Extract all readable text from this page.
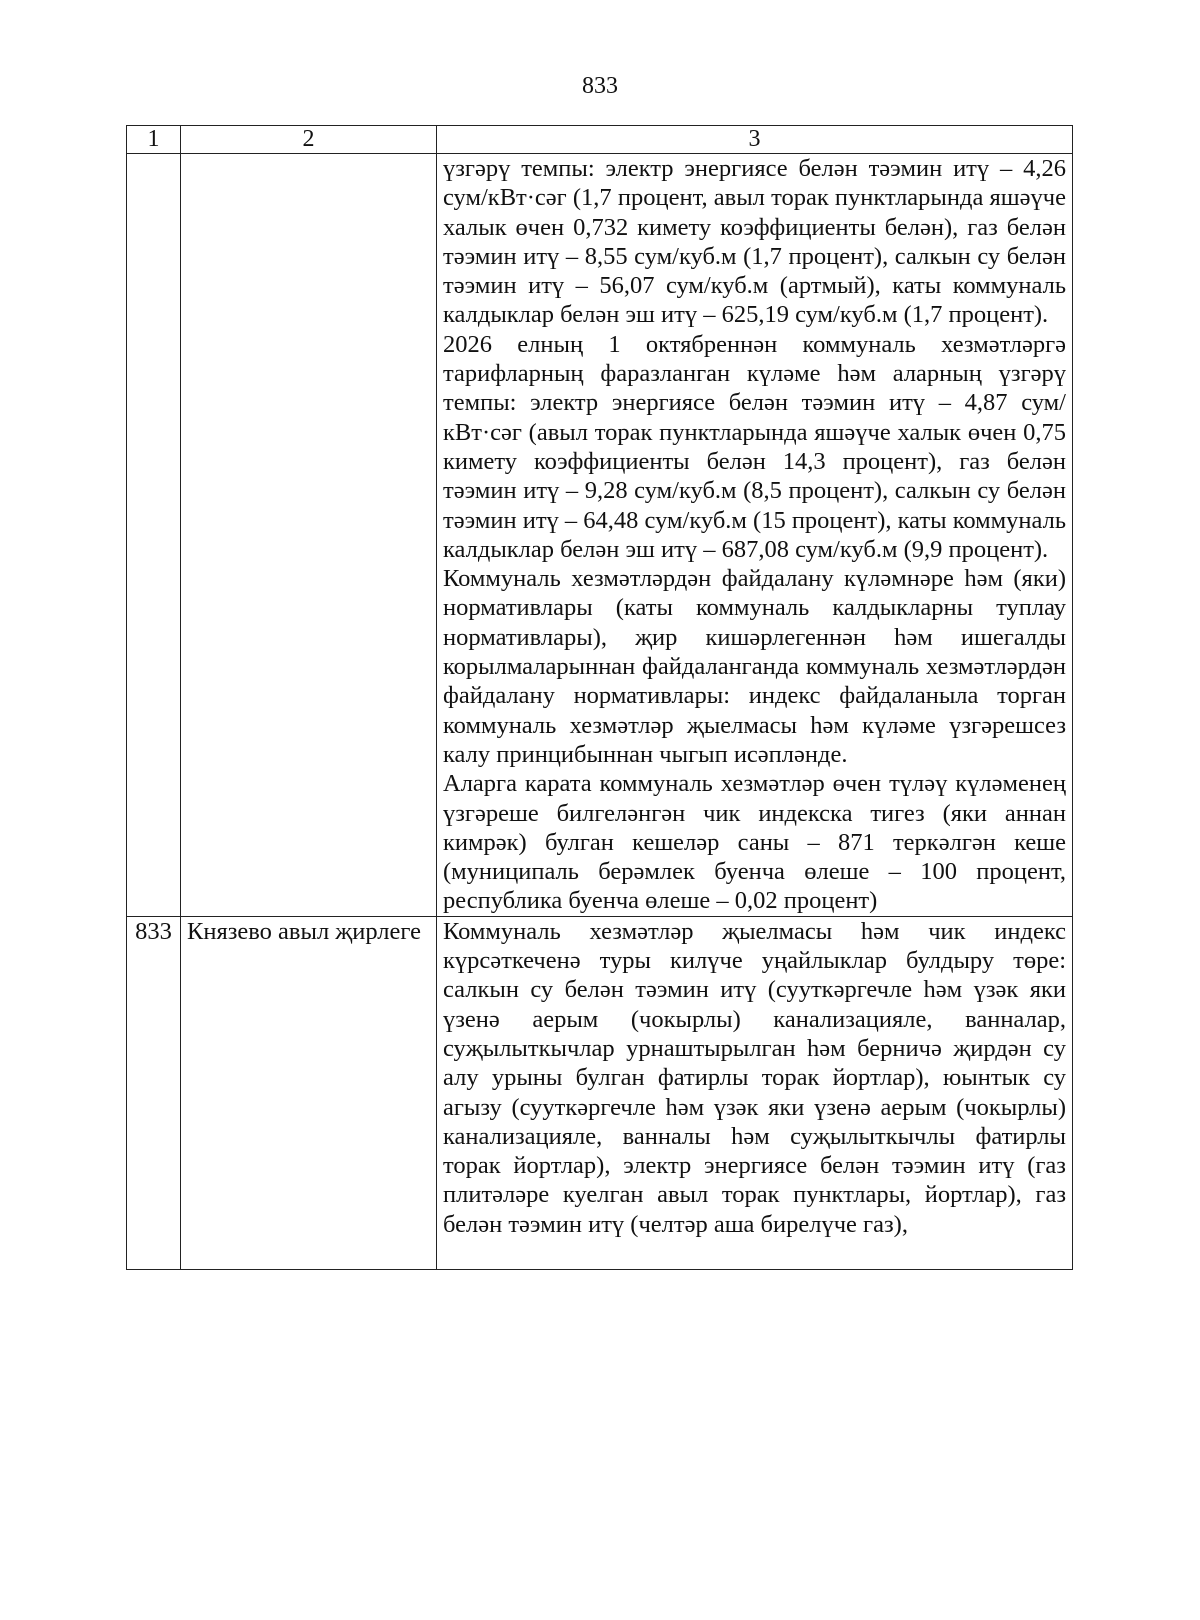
833
1	2	3

		үзгәрү темпы: электр энергиясе белән тәэмин итү – 4,26 сум/кВт·сәг (1,7 процент, авыл торак пунктларында яшәүче халык өчен 0,732 кимету коэффициенты белән), газ белән тәэмин итү – 8,55 сум/куб.м (1,7 процент), салкын су белән тәэмин итү – 56,07 сум/куб.м (артмый), каты коммуналь калдыклар белән эш итү – 625,19 сум/куб.м (1,7 процент).
2026 елның 1 октябреннән коммуналь хезмәтләргә тарифларның фаразланган күләме һәм аларның үзгәрү темпы: электр энергиясе белән тәэмин итү – 4,87 сум/кВт·сәг (авыл торак пунктларында яшәүче халык өчен 0,75 кимету коэффициенты белән 14,3 процент), газ белән тәэмин итү – 9,28 сум/куб.м (8,5 процент), салкын су белән тәэмин итү – 64,48 сум/куб.м (15 процент), каты коммуналь калдыклар белән эш итү – 687,08 сум/куб.м (9,9 процент).
Коммуналь хезмәтләрдән файдалану күләмнәре һәм (яки) нормативлары (каты коммуналь калдыкларны туплау нормативлары), җир кишәрлегеннән һәм ишегалды корылмаларыннан файдаланганда коммуналь хезмәтләрдән файдалану нормативлары: индекс файдаланыла торган коммуналь хезмәтләр җыелмасы һәм күләме үзгәрешсез калу принцибыннан чыгып исәпләнде.
Аларга карата коммуналь хезмәтләр өчен түләү күләменең үзгәреше билгеләнгән чик индекска тигез (яки аннан кимрәк) булган кешеләр саны – 871 теркәлгән кеше (муниципаль берәмлек буенча өлеше – 100 процент, республика буенча өлеше – 0,02 процент)

833	Князево авыл җирлеге	Коммуналь хезмәтләр җыелмасы һәм чик индекс күрсәткеченә туры килүче уңайлыклар булдыру төре: салкын су белән тәэмин итү (сууткәргечле һәм үзәк яки үзенә аерым (чокырлы) канализацияле, ванналар, суҗылыткычлар урнаштырылган һәм берничә җирдән су алу урыны булган фатирлы торак йортлар), юынтык су агызу (сууткәргечле һәм үзәк яки үзенә аерым (чокырлы) канализацияле, ванналы һәм суҗылыткычлы фатирлы торак йортлар), электр энергиясе белән тәэмин итү (газ плитәләре куелган авыл торак пунктлары, йортлар), газ белән тәэмин итү (челтәр аша бирелүче газ),
